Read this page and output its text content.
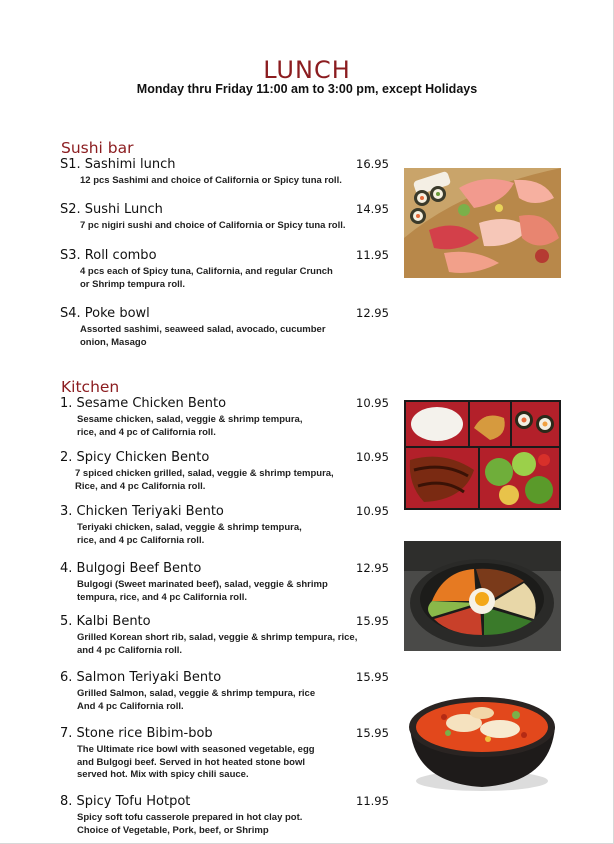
LUNCH
Monday thru Friday 11:00 am to 3:00 pm, except Holidays
Sushi bar
S1. Sashimi lunch	16.95
12 pcs Sashimi and choice of California or Spicy tuna roll.
S2. Sushi Lunch	14.95
7 pc nigiri sushi and choice of California or Spicy tuna roll.
S3. Roll combo	11.95
4 pcs each of Spicy tuna, California, and regular Crunch
or Shrimp tempura roll.
S4. Poke bowl	12.95
Assorted sashimi, seaweed salad, avocado, cucumber
onion, Masago
Kitchen
1. Sesame Chicken Bento	10.95
Sesame chicken, salad, veggie & shrimp tempura,
rice, and 4 pc of California roll.
2. Spicy Chicken Bento	10.95
7 spiced chicken grilled, salad, veggie & shrimp tempura,
Rice, and 4 pc California roll.
3. Chicken Teriyaki Bento	10.95
Teriyaki chicken, salad, veggie & shrimp tempura,
rice, and 4 pc California roll.
4. Bulgogi Beef Bento	12.95
Bulgogi (Sweet marinated beef), salad, veggie & shrimp
tempura, rice, and 4 pc California roll.
5. Kalbi Bento	15.95
Grilled Korean short rib, salad, veggie & shrimp tempura, rice,
and 4 pc California roll.
6. Salmon Teriyaki Bento	15.95
Grilled Salmon, salad, veggie & shrimp tempura, rice
And 4 pc California roll.
7. Stone rice Bibim-bob	15.95
The Ultimate rice bowl with seasoned vegetable, egg
and Bulgogi beef. Served in hot heated stone bowl
served hot. Mix with spicy chili sauce.
8. Spicy Tofu Hotpot	11.95
Spicy soft tofu casserole prepared in hot clay pot.
Choice of Vegetable, Pork, beef, or Shrimp
